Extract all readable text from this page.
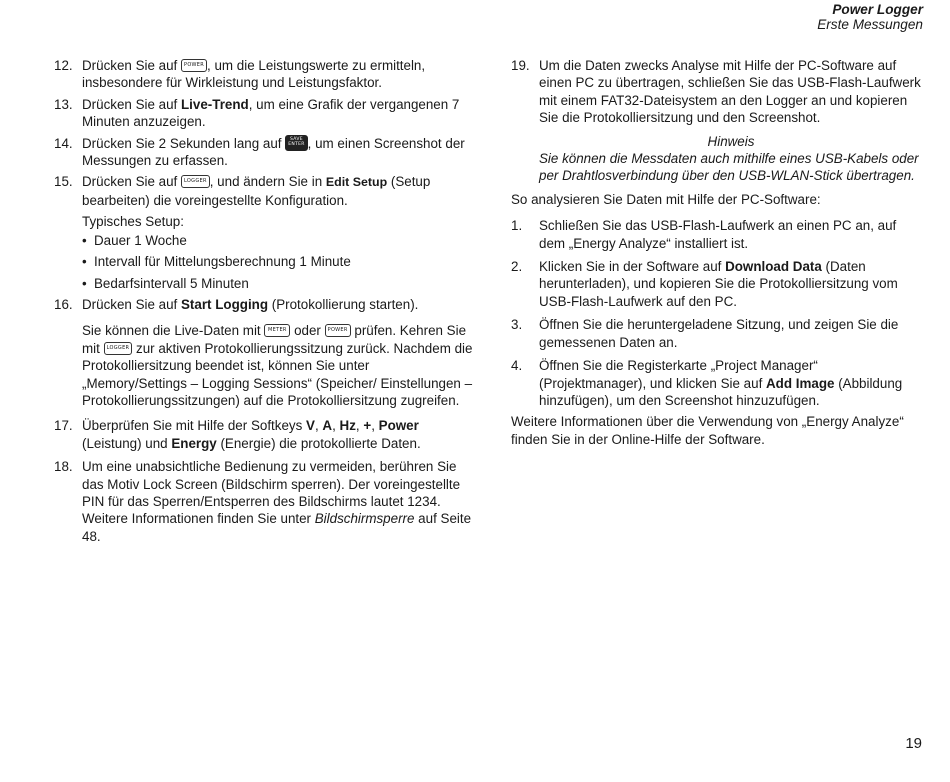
Power Logger
Erste Messungen
12. Drücken Sie auf POWER , um die Leistungswerte zu ermitteln, insbesondere für Wirkleistung und Leistungsfaktor.
13. Drücken Sie auf Live-Trend, um eine Grafik der vergangenen 7 Minuten anzuzeigen.
14. Drücken Sie 2 Sekunden lang auf SAVE
ENTER , um einen Screenshot der Messungen zu erfassen.
15. Drücken Sie auf LOGGER , und ändern Sie in Edit Setup (Setup bearbeiten) die voreingestellte Konfiguration.
Typisches Setup:
• Dauer 1 Woche
• Intervall für Mittelungsberechnung 1 Minute
• Bedarfsintervall 5 Minuten
16. Drücken Sie auf Start Logging (Protokollierung starten).
Sie können die Live-Daten mit METER oder POWER prüfen. Kehren Sie mit LOGGER zur aktiven Protokollierungssitzung zurück. Nachdem die Protokolliersitzung beendet ist, können Sie unter „Memory/Settings – Logging Sessions“ (Speicher/ Einstellungen – Protokollierungssitzungen) auf die Protokolliersitzung zugreifen.
17. Überprüfen Sie mit Hilfe der Softkeys V, A, Hz, +, Power (Leistung) und Energy (Energie) die protokollierte Daten.
18. Um eine unabsichtliche Bedienung zu vermeiden, berühren Sie das Motiv Lock Screen (Bildschirm sperren). Der voreingestellte PIN für das Sperren/Entsperren des Bildschirms lautet 1234. Weitere Informationen finden Sie unter Bildschirmsperre auf Seite 48.
19. Um die Daten zwecks Analyse mit Hilfe der PC-Software auf einen PC zu übertragen, schließen Sie das USB-Flash-Laufwerk mit einem FAT32-Dateisystem an den Logger an und kopieren Sie die Protokolliersitzung und den Screenshot.
Hinweis
Sie können die Messdaten auch mithilfe eines USB-Kabels oder per Drahtlosverbindung über den USB-WLAN-Stick übertragen.
So analysieren Sie Daten mit Hilfe der PC-Software:
1. Schließen Sie das USB-Flash-Laufwerk an einen PC an, auf dem „Energy Analyze“ installiert ist.
2. Klicken Sie in der Software auf Download Data (Daten herunterladen), und kopieren Sie die Protokolliersitzung vom USB-Flash-Laufwerk auf den PC.
3. Öffnen Sie die heruntergeladene Sitzung, und zeigen Sie die gemessenen Daten an.
4. Öffnen Sie die Registerkarte „Project Manager“ (Projektmanager), und klicken Sie auf Add Image (Abbildung hinzufügen), um den Screenshot hinzuzufügen.
Weitere Informationen über die Verwendung von „Energy Analyze“ finden Sie in der Online-Hilfe der Software.
19
